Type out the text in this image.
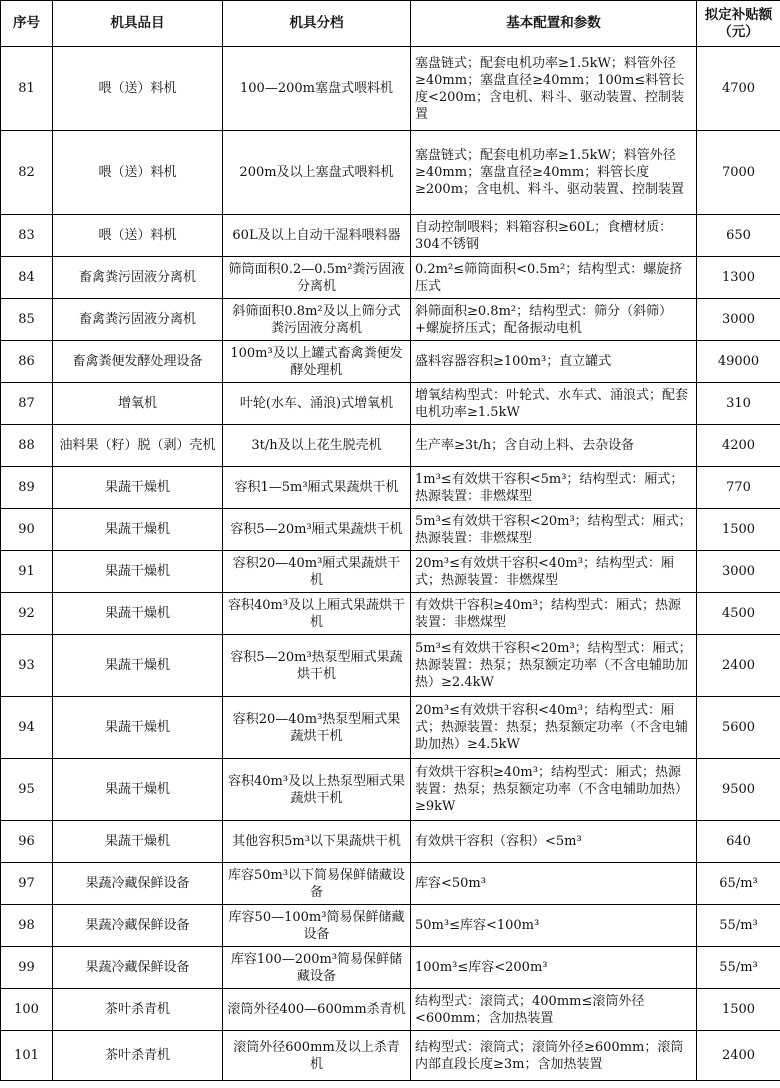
序号	机具品目	机具分档	基本配置和参数	拟定补贴额（元）
81	喂（送）料机	100—200m塞盘式喂料机	塞盘链式；配套电机功率≥1.5kW；料管外径≥40mm；塞盘直径≥40mm；100m≤料管长度<200m；含电机、料斗、驱动装置、控制装置	4700
82	喂（送）料机	200m及以上塞盘式喂料机	塞盘链式；配套电机功率≥1.5kW；料管外径≥40mm；塞盘直径≥40mm；料管长度≥200m；含电机、料斗、驱动装置、控制装置	7000
83	喂（送）料机	60L及以上自动干湿料喂料器	自动控制喂料；料箱容积≥60L；食槽材质：304不锈钢	650
84	畜禽粪污固液分离机	筛筒面积0.2—0.5m²粪污固液分离机	0.2m²≤筛筒面积<0.5m²；结构型式：螺旋挤压式	1300
85	畜禽粪污固液分离机	斜筛面积0.8m²及以上筛分式粪污固液分离机	斜筛面积≥0.8m²；结构型式：筛分（斜筛）+螺旋挤压式；配备振动电机	3000
86	畜禽粪便发酵处理设备	100m³及以上罐式畜禽粪便发酵处理机	盛料容器容积≥100m³；直立罐式	49000
87	增氧机	叶轮(水车、涌浪)式增氧机	增氧结构型式：叶轮式、水车式、涌浪式；配套电机功率≥1.5kW	310
88	油料果（籽）脱（剥）壳机	3t/h及以上花生脱壳机	生产率≥3t/h；含自动上料、去杂设备	4200
89	果蔬干燥机	容积1—5m³厢式果蔬烘干机	1m³≤有效烘干容积<5m³；结构型式：厢式；热源装置：非燃煤型	770
90	果蔬干燥机	容积5—20m³厢式果蔬烘干机	5m³≤有效烘干容积<20m³；结构型式：厢式；热源装置：非燃煤型	1500
91	果蔬干燥机	容积20—40m³厢式果蔬烘干机	20m³≤有效烘干容积<40m³；结构型式：厢式；热源装置：非燃煤型	3000
92	果蔬干燥机	容积40m³及以上厢式果蔬烘干机	有效烘干容积≥40m³；结构型式：厢式；热源装置：非燃煤型	4500
93	果蔬干燥机	容积5—20m³热泵型厢式果蔬烘干机	5m³≤有效烘干容积<20m³；结构型式：厢式；热源装置：热泵；热泵额定功率（不含电辅助加热）≥2.4kW	2400
94	果蔬干燥机	容积20—40m³热泵型厢式果蔬烘干机	20m³≤有效烘干容积<40m³；结构型式：厢式；热源装置：热泵；热泵额定功率（不含电辅助加热）≥4.5kW	5600
95	果蔬干燥机	容积40m³及以上热泵型厢式果蔬烘干机	有效烘干容积≥40m³；结构型式：厢式；热源装置：热泵；热泵额定功率（不含电辅助加热）≥9kW	9500
96	果蔬干燥机	其他容积5m³以下果蔬烘干机	有效烘干容积（容积）<5m³	640
97	果蔬冷藏保鲜设备	库容50m³以下简易保鲜储藏设备	库容<50m³	65/m³
98	果蔬冷藏保鲜设备	库容50—100m³简易保鲜储藏设备	50m³≤库容<100m³	55/m³
99	果蔬冷藏保鲜设备	库容100—200m³简易保鲜储藏设备	100m³≤库容<200m³	55/m³
100	茶叶杀青机	滚筒外径400—600mm杀青机	结构型式：滚筒式；400mm≤滚筒外径<600mm；含加热装置	1500
101	茶叶杀青机	滚筒外径600mm及以上杀青机	结构型式：滚筒式；滚筒外径≥600mm；滚筒内部直段长度≥3m；含加热装置	2400
